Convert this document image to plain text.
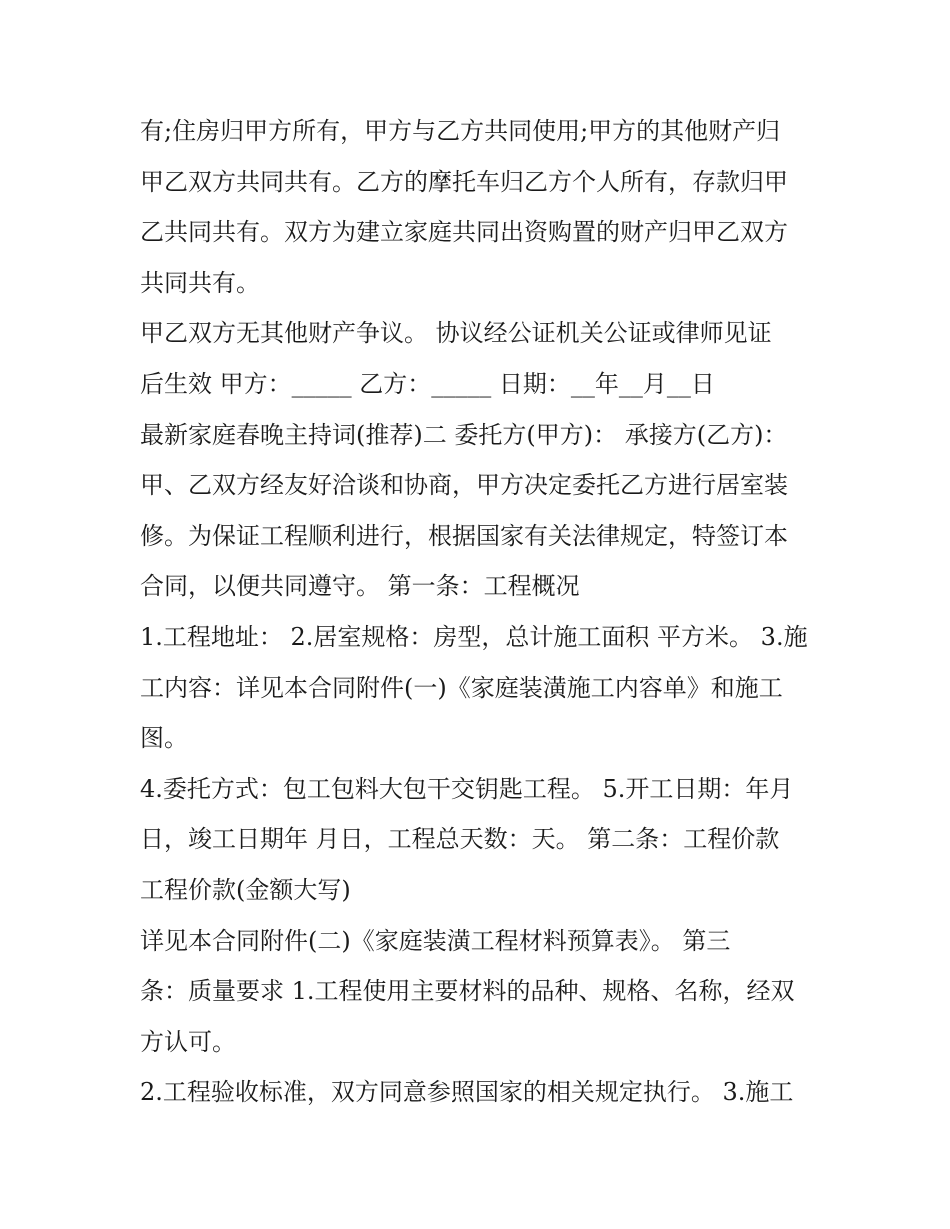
有;住房归甲方所有，甲方与乙方共同使用;甲方的其他财产归

甲乙双方共同共有。乙方的摩托车归乙方个人所有，存款归甲

乙共同共有。双方为建立家庭共同出资购置的财产归甲乙双方

共同共有。

甲乙双方无其他财产争议。 协议经公证机关公证或律师见证

后生效 甲方：_____ 乙方：_____ 日期：__年__月__日

最新家庭春晚主持词(推荐)二 委托方(甲方)： 承接方(乙方)：

甲、乙双方经友好洽谈和协商，甲方决定委托乙方进行居室装

修。为保证工程顺利进行，根据国家有关法律规定，特签订本

合同，以便共同遵守。 第一条：工程概况

1.工程地址： 2.居室规格：房型，总计施工面积 平方米。 3.施

工内容：详见本合同附件(一)《家庭装潢施工内容单》和施工

图。

4.委托方式：包工包料大包干交钥匙工程。 5.开工日期：年月

日，竣工日期年 月日，工程总天数：天。 第二条：工程价款

工程价款(金额大写)

详见本合同附件(二)《家庭装潢工程材料预算表》。 第三

条：质量要求 1.工程使用主要材料的品种、规格、名称，经双

方认可。

2.工程验收标准，双方同意参照国家的相关规定执行。 3.施工
